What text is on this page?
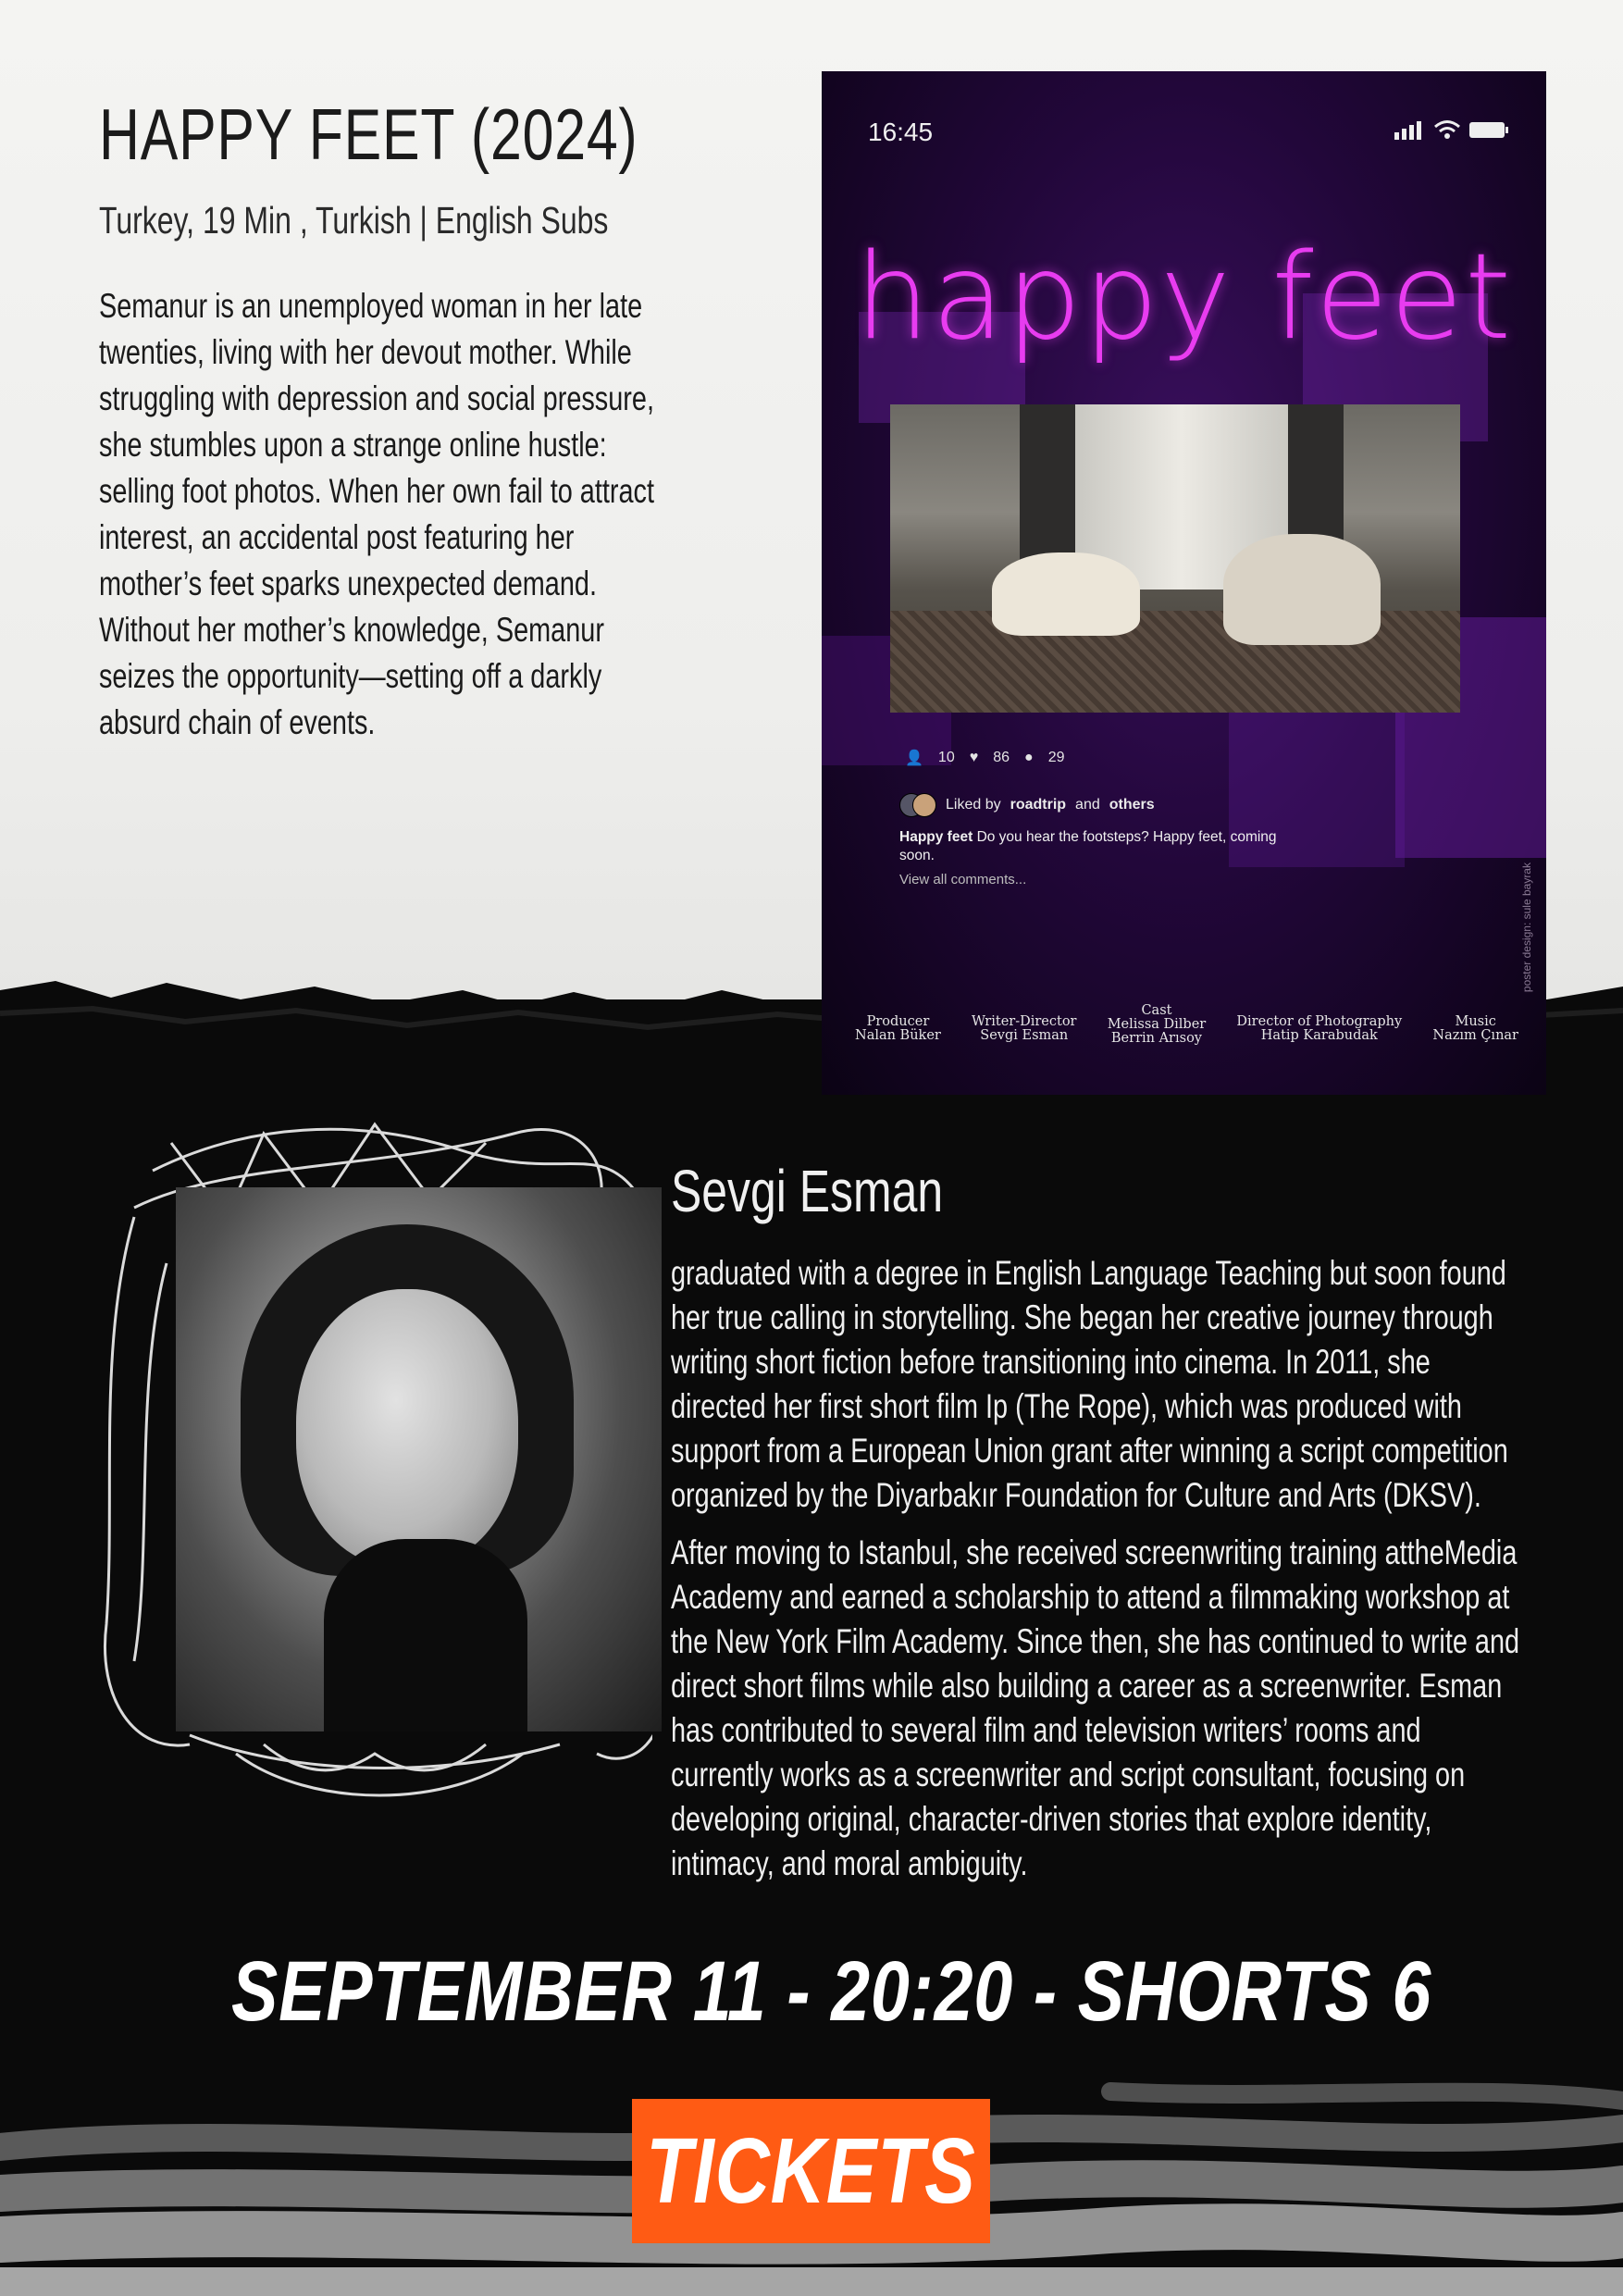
HAPPY FEET (2024)
Turkey, 19 Min , Turkish | English Subs

Semanur is an unemployed woman in her late twenties, living with her devout mother. While struggling with depression and social pressure, she stumbles upon a strange online hustle: selling foot photos. When her own fail to attract interest, an accidental post featuring her mother’s feet sparks unexpected demand. Without her mother’s knowledge, Semanur seizes the opportunity—setting off a darkly absurd chain of events.

16:45
happy feet
👤 10 ♥ 86 ● 29
Liked by roadtrip and others
Happy feet Do you hear the footsteps? Happy feet, coming soon.
View all comments...	poster design: sule bayrak
Producer
Nalan Büker
Writer-Director
Sevgi Esman
Cast
Melissa Dilber
Berrin Arısoy
Director of Photography
Hatip Karabudak
Music
Nazım Çınar
Sevgi Esman

graduated with a degree in English Language Teaching but soon found her true calling in storytelling. She began her creative journey through writing short fiction before transitioning into cinema. In 2011, she directed her first short film Ip (The Rope), which was produced with support from a European Union grant after winning a script competition organized by the Diyarbakır Foundation for Culture and Arts (DKSV).

After moving to Istanbul, she received screenwriting training attheMedia Academy and earned a scholarship to attend a filmmaking workshop at the New York Film Academy. Since then, she has continued to write and direct short films while also building a career as a screenwriter. Esman has contributed to several film and television writers’ rooms and currently works as a screenwriter and script consultant, focusing on developing original, character-driven stories that explore identity, intimacy, and moral ambiguity.

SEPTEMBER 11 - 20:20 - SHORTS 6
TICKETS
